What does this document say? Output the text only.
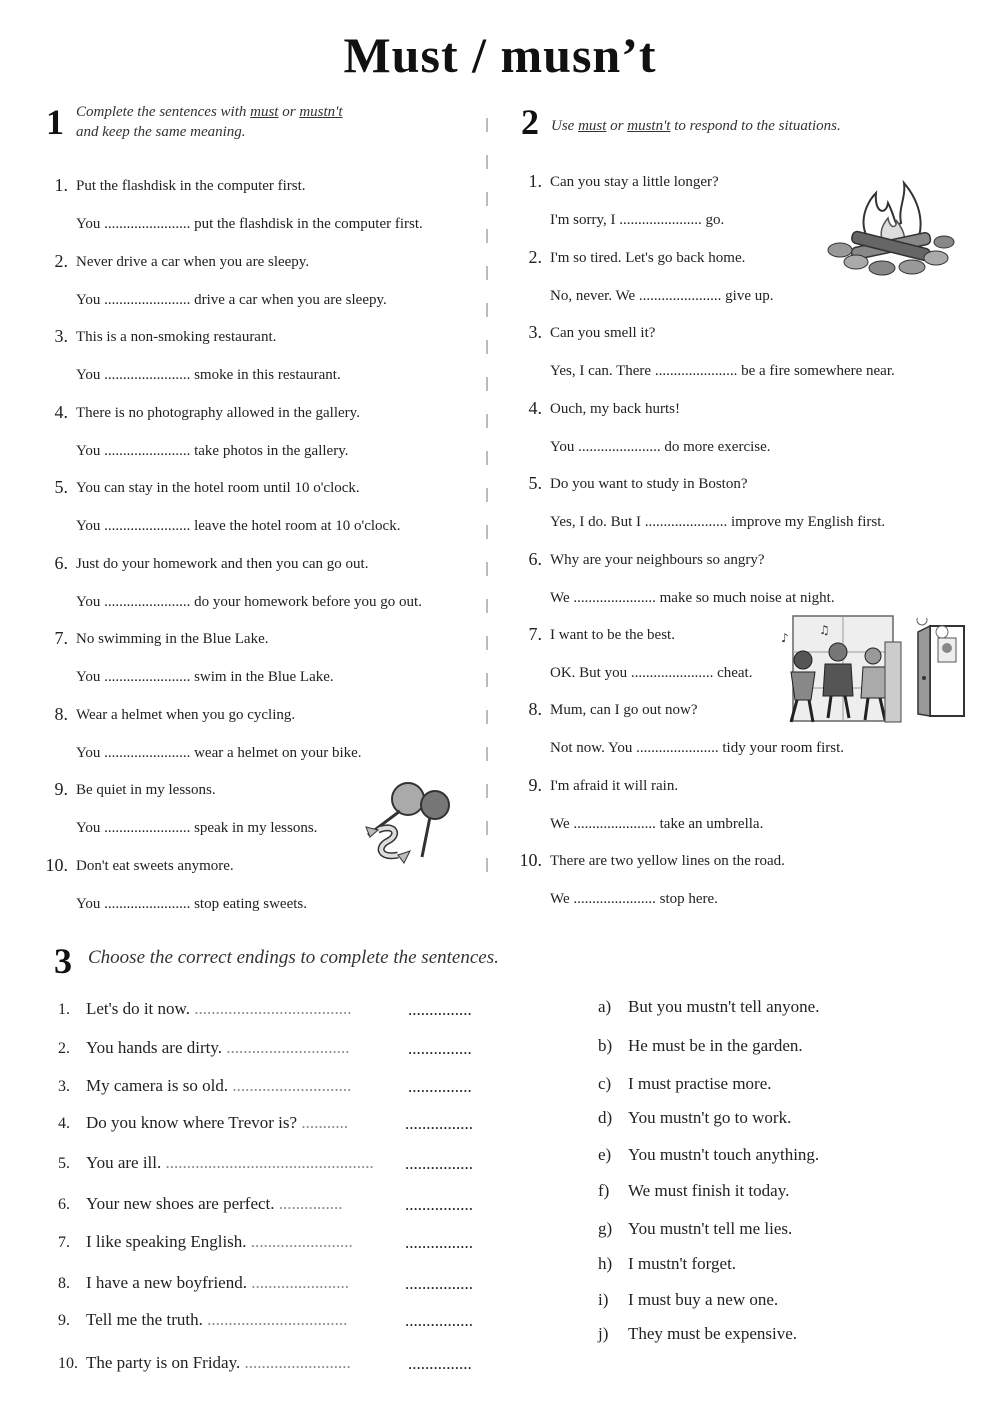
Must / musn’t
1 Complete the sentences with must or mustn't
and keep the same meaning.	2 Use must or mustn't to respond to the situations.
1. Put the flashdisk in the computer first.
You ....................... put the flashdisk in the computer first.
2. Never drive a car when you are sleepy.
You ....................... drive a car when you are sleepy.
3. This is a non-smoking restaurant.
You ....................... smoke in this restaurant.
4. There is no photography allowed in the gallery.
You ....................... take photos in the gallery.
5. You can stay in the hotel room until 10 o'clock.
You ....................... leave the hotel room at 10 o'clock.
6. Just do your homework and then you can go out.
You ....................... do your homework before you go out.
7. No swimming in the Blue Lake.
You ....................... swim in the Blue Lake.
8. Wear a helmet when you go cycling.
You ....................... wear a helmet on your bike.
9. Be quiet in my lessons.
You ....................... speak in my lessons.
10. Don't eat sweets anymore.
You ....................... stop eating sweets.
1. Can you stay a little longer?
I'm sorry, I ...................... go.
2. I'm so tired. Let's go back home.
No, never. We ...................... give up.
3. Can you smell it?
Yes, I can. There ...................... be a fire somewhere near.
4. Ouch, my back hurts!
You ...................... do more exercise.
5. Do you want to study in Boston?
Yes, I do. But I ...................... improve my English first.
6. Why are your neighbours so angry?
We ...................... make so much noise at night.
7. I want to be the best.
OK. But you ...................... cheat.
8. Mum, can I go out now?
Not now. You ...................... tidy your room first.
9. I'm afraid it will rain.
We ...................... take an umbrella.
10. There are two yellow lines on the road.
We ...................... stop here.
♪
♫
3 Choose the correct endings to complete the sentences.
1. Let's do it now. .....................................	...............
2. You hands are dirty. .............................	...............
3. My camera is so old. ............................	...............
4. Do you know where Trevor is? ...........	................
5. You are ill. ................................................. ................
6. Your new shoes are perfect. ...............	................
7. I like speaking English. ........................	................
8. I have a new boyfriend. .......................	................
9. Tell me the truth. .................................	................
10. The party is on Friday. .........................	...............
a) But you mustn't tell anyone.
b) He must be in the garden.
c) I must practise more.
d) You mustn't go to work.
e) You mustn't touch anything.
f) We must finish it today.
g) You mustn't tell me lies.
h) I mustn't forget.
i) I must buy a new one.
j) They must be expensive.
